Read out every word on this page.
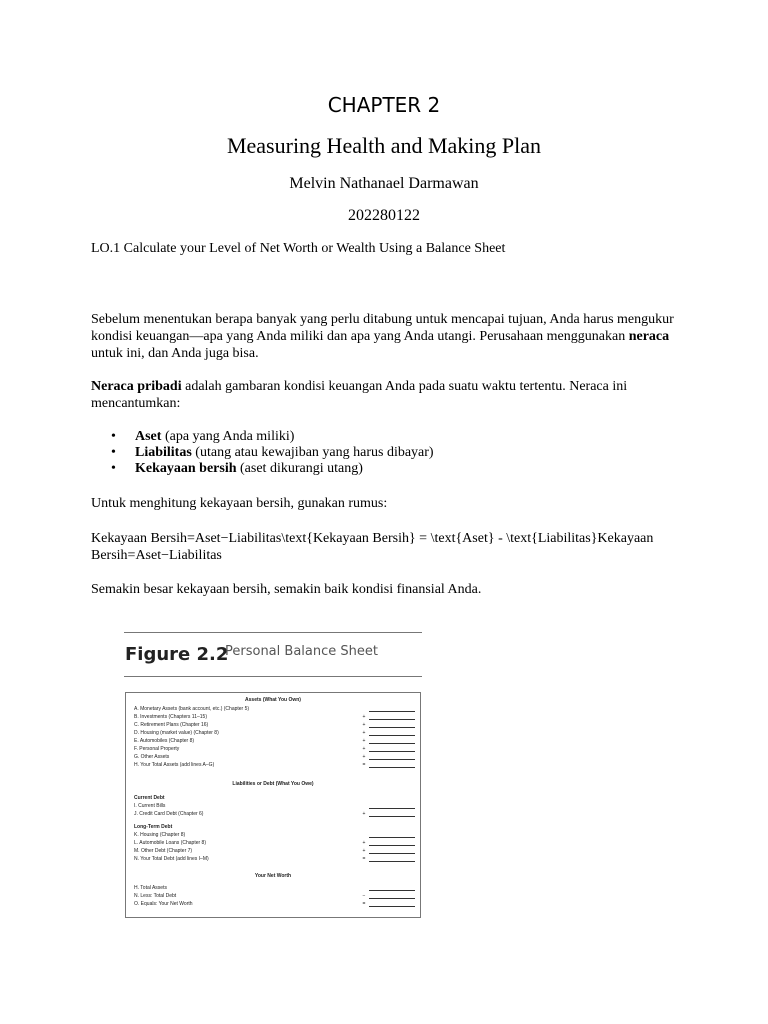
CHAPTER 2
Measuring Health and Making Plan
Melvin Nathanael Darmawan
202280122

LO.1 Calculate your Level of Net Worth or Wealth Using a Balance Sheet

Sebelum menentukan berapa banyak yang perlu ditabung untuk mencapai tujuan, Anda harus mengukur kondisi keuangan—apa yang Anda miliki dan apa yang Anda utangi. Perusahaan menggunakan neraca untuk ini, dan Anda juga bisa.

Neraca pribadi adalah gambaran kondisi keuangan Anda pada suatu waktu tertentu. Neraca ini mencantumkan:

• Aset (apa yang Anda miliki)
• Liabilitas (utang atau kewajiban yang harus dibayar)
• Kekayaan bersih (aset dikurangi utang)

Untuk menghitung kekayaan bersih, gunakan rumus:

Kekayaan Bersih=Aset−Liabilitas\text{Kekayaan Bersih} = \text{Aset} - \text{Liabilitas}Kekayaan Bersih=Aset−Liabilitas

Semakin besar kekayaan bersih, semakin baik kondisi finansial Anda.

Figure 2.2
Personal Balance Sheet
Assets (What You Own)
A. Monetary Assets (bank account, etc.) (Chapter 5)
B. Investments (Chapters 11–15)	+
C. Retirement Plans (Chapter 16)	+
D. Housing (market value) (Chapter 8)	+
E. Automobiles (Chapter 8)	+
F. Personal Property	+
G. Other Assets	+
H. Your Total Assets (add lines A–G)	=
Liabilities or Debt (What You Owe)
Current Debt
I. Current Bills
J. Credit Card Debt (Chapter 6)	+
Long-Term Debt
K. Housing (Chapter 8)
L. Automobile Loans (Chapter 8)	+
M. Other Debt (Chapter 7)	+
N. Your Total Debt (add lines I–M)	=
Your Net Worth
H. Total Assets
N. Less: Total Debt	−
O. Equals: Your Net Worth	=
